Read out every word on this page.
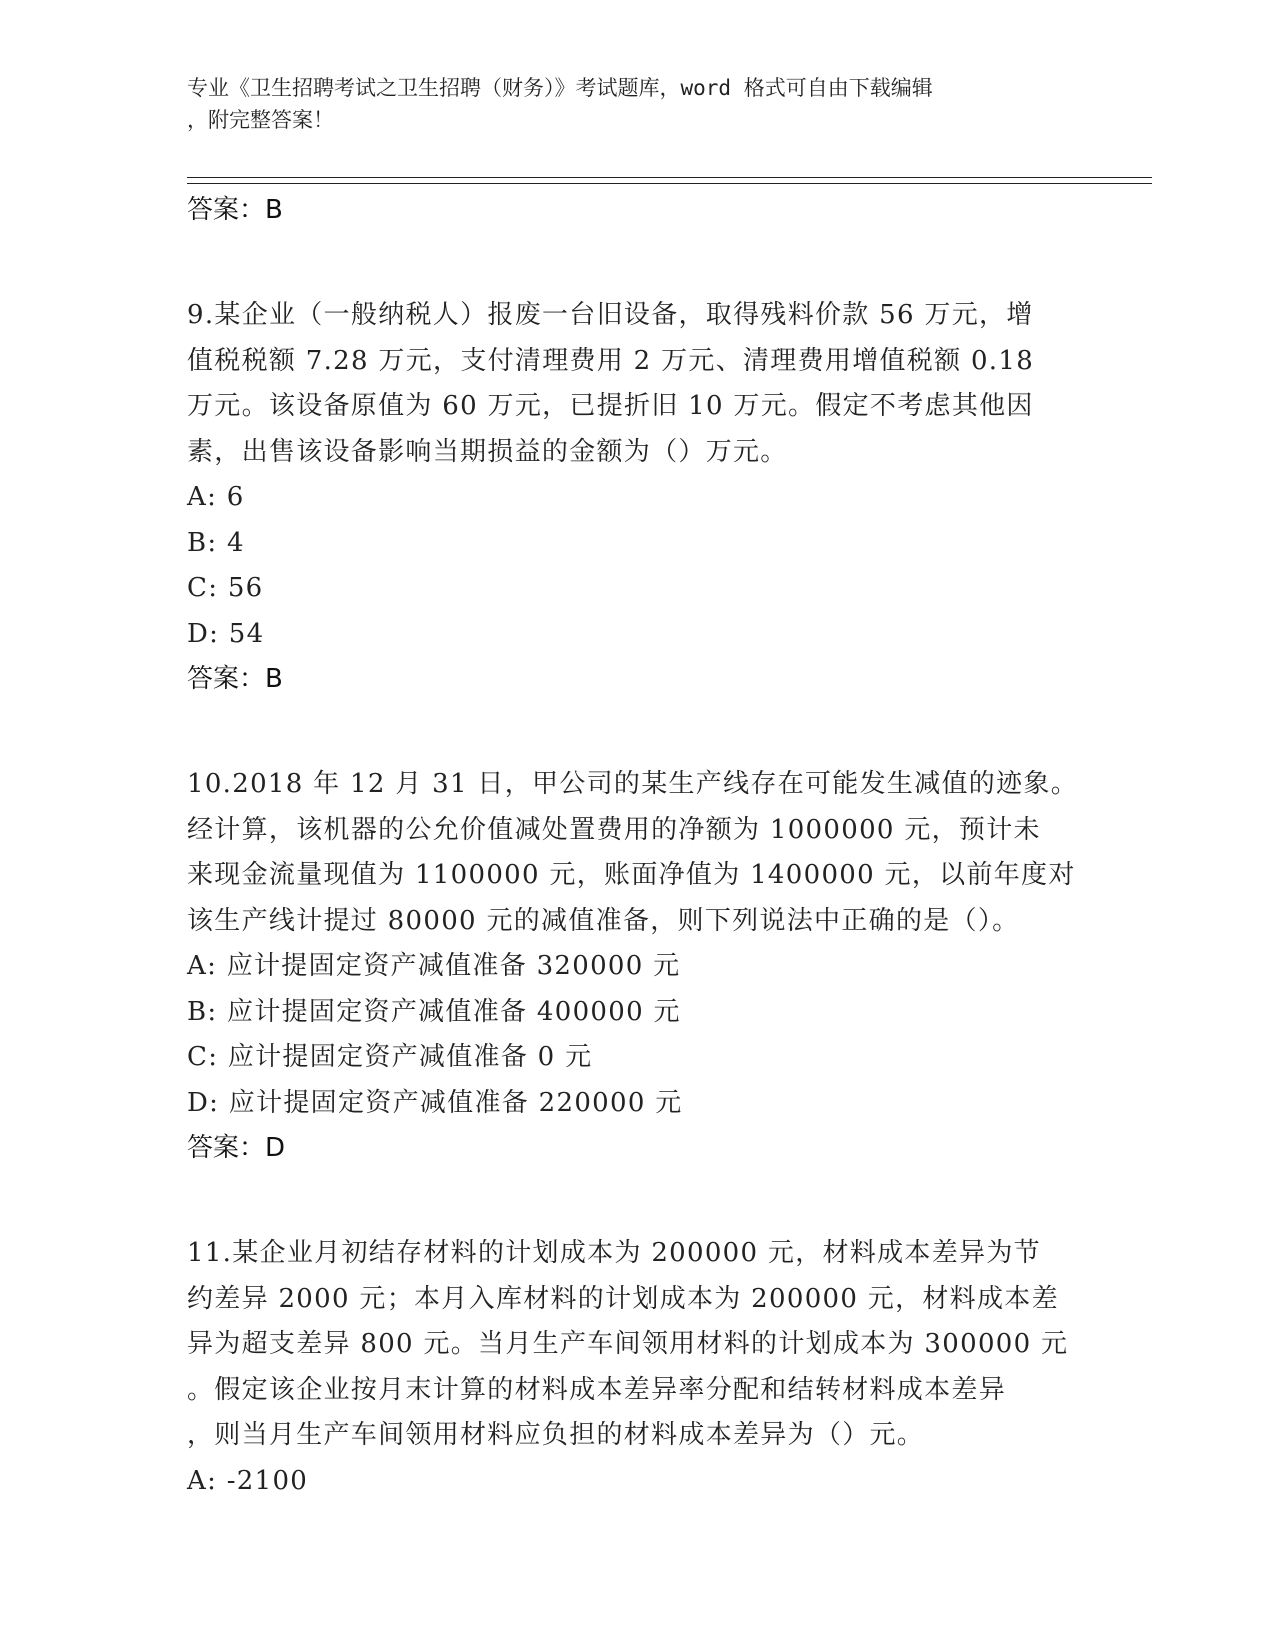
专业《卫生招聘考试之卫生招聘（财务）》考试题库，word 格式可自由下载编辑
，附完整答案！
答案：B
9.某企业（一般纳税人）报废一台旧设备，取得残料价款 56 万元，增
值税税额 7.28 万元，支付清理费用 2 万元、清理费用增值税额 0.18
万元。该设备原值为 60 万元，已提折旧 10 万元。假定不考虑其他因
素，出售该设备影响当期损益的金额为（）万元。
A: 6
B: 4
C: 56
D: 54
答案：B
10.2018 年 12 月 31 日，甲公司的某生产线存在可能发生减值的迹象。
经计算，该机器的公允价值减处置费用的净额为 1000000 元，预计未
来现金流量现值为 1100000 元，账面净值为 1400000 元，以前年度对
该生产线计提过 80000 元的减值准备，则下列说法中正确的是（）。
A: 应计提固定资产减值准备 320000 元
B: 应计提固定资产减值准备 400000 元
C: 应计提固定资产减值准备 0 元
D: 应计提固定资产减值准备 220000 元
答案：D
11.某企业月初结存材料的计划成本为 200000 元，材料成本差异为节
约差异 2000 元；本月入库材料的计划成本为 200000 元，材料成本差
异为超支差异 800 元。当月生产车间领用材料的计划成本为 300000 元
。假定该企业按月末计算的材料成本差异率分配和结转材料成本差异
，则当月生产车间领用材料应负担的材料成本差异为（）元。
A: -2100
